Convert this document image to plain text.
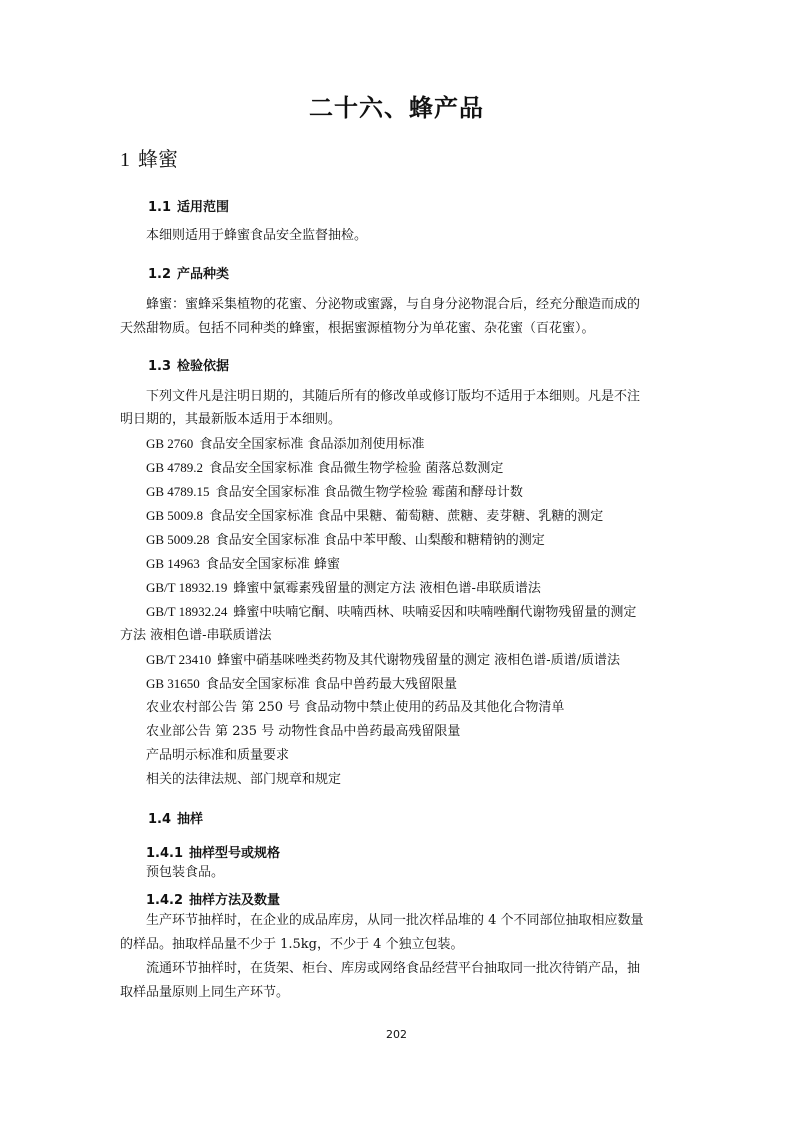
二十六、蜂产品
1 蜂蜜
1.1 适用范围
本细则适用于蜂蜜食品安全监督抽检。
1.2 产品种类
蜂蜜：蜜蜂采集植物的花蜜、分泌物或蜜露，与自身分泌物混合后，经充分酿造而成的
天然甜物质。包括不同种类的蜂蜜，根据蜜源植物分为单花蜜、杂花蜜（百花蜜）。
1.3 检验依据
下列文件凡是注明日期的，其随后所有的修改单或修订版均不适用于本细则。凡是不注
明日期的，其最新版本适用于本细则。
GB 2760 食品安全国家标准 食品添加剂使用标准
GB 4789.2 食品安全国家标准 食品微生物学检验 菌落总数测定
GB 4789.15 食品安全国家标准 食品微生物学检验 霉菌和酵母计数
GB 5009.8 食品安全国家标准 食品中果糖、葡萄糖、蔗糖、麦芽糖、乳糖的测定
GB 5009.28 食品安全国家标准 食品中苯甲酸、山梨酸和糖精钠的测定
GB 14963 食品安全国家标准 蜂蜜
GB/T 18932.19 蜂蜜中氯霉素残留量的测定方法 液相色谱-串联质谱法
GB/T 18932.24 蜂蜜中呋喃它酮、呋喃西林、呋喃妥因和呋喃唑酮代谢物残留量的测定
方法 液相色谱-串联质谱法
GB/T 23410 蜂蜜中硝基咪唑类药物及其代谢物残留量的测定 液相色谱-质谱/质谱法
GB 31650 食品安全国家标准 食品中兽药最大残留限量
农业农村部公告 第 250 号 食品动物中禁止使用的药品及其他化合物清单
农业部公告 第 235 号 动物性食品中兽药最高残留限量
产品明示标准和质量要求
相关的法律法规、部门规章和规定
1.4 抽样
1.4.1 抽样型号或规格
预包装食品。
1.4.2 抽样方法及数量
生产环节抽样时，在企业的成品库房，从同一批次样品堆的 4 个不同部位抽取相应数量
的样品。抽取样品量不少于 1.5kg，不少于 4 个独立包装。
流通环节抽样时，在货架、柜台、库房或网络食品经营平台抽取同一批次待销产品，抽
取样品量原则上同生产环节。
202
